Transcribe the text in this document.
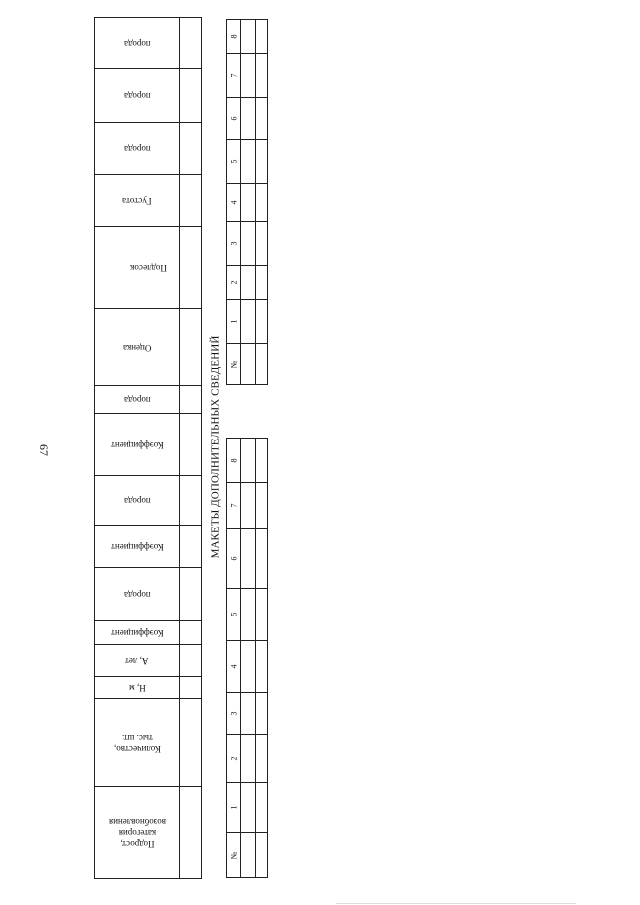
67
порода
порода
порода
Густота
Подлесок
Оценка
порода
Коэффициент
порода
Коэффициент
порода
Коэффициент
А, лет
Н, м
Количество,
тыс. шт.
Подрост,
категория
возобновления
МАКЕТЫ ДОПОЛНИТЕЛЬНЫХ СВЕДЕНИЙ
8
7
6
5
4
3
2
1
№
8
7
6
5
4
3
2
1
№
